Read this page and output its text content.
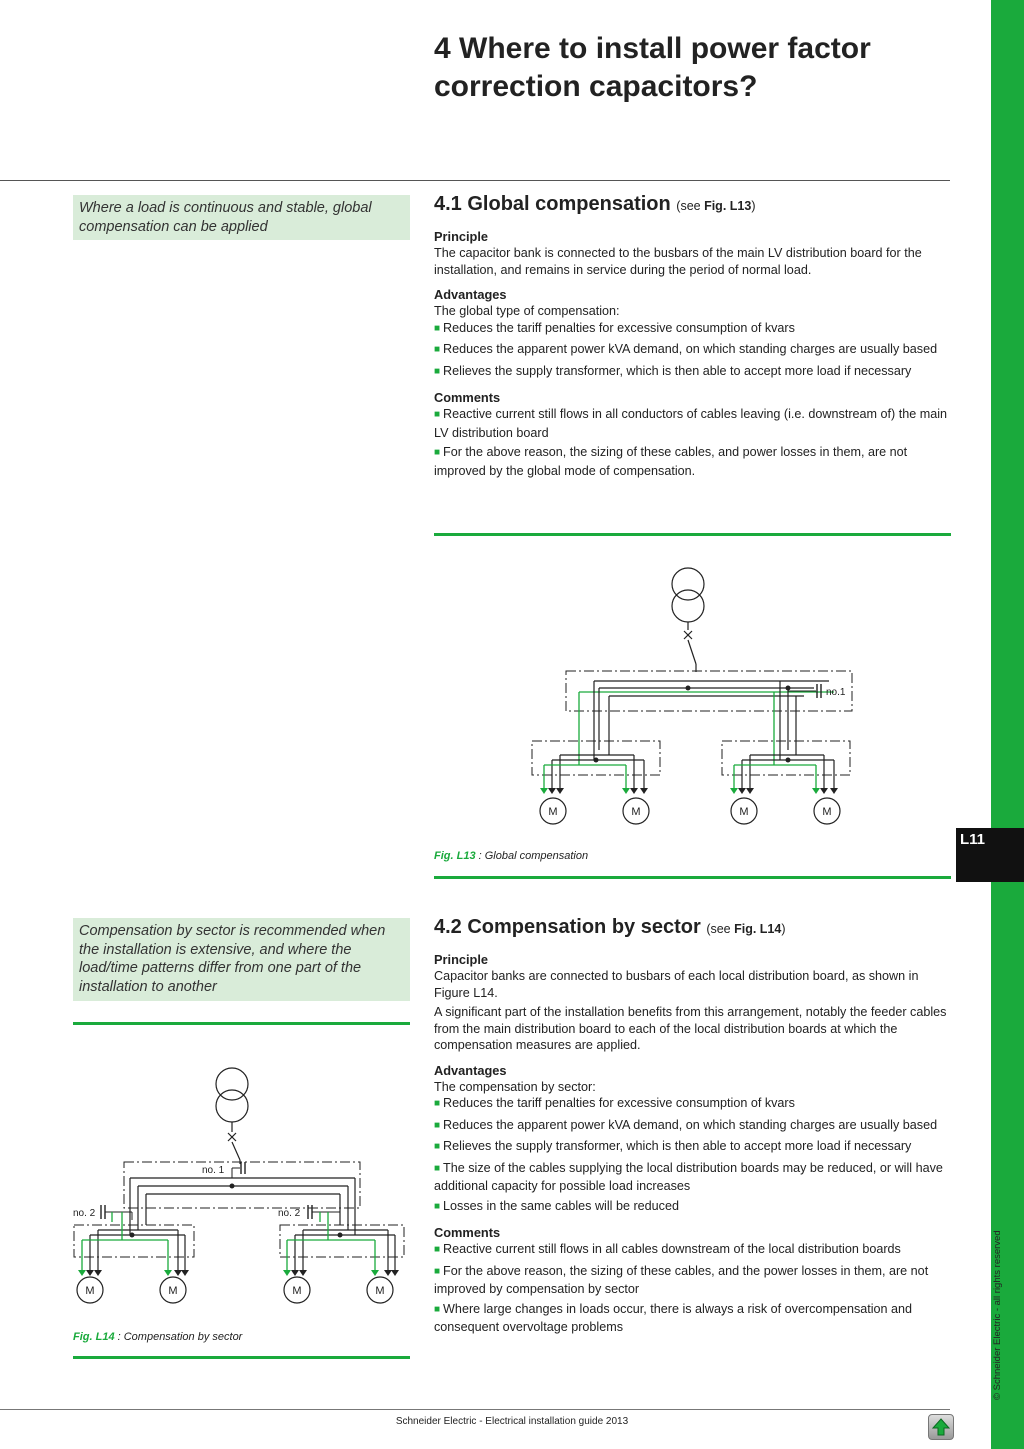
L11
© Schneider Electric - all rights reserved
4 Where to install power factor correction capacitors?
Where a load is continuous and stable, global compensation can be applied
4.1 Global compensation (see Fig. L13)
Principle

The capacitor bank is connected to the busbars of the main LV distribution board for the installation, and remains in service during the period of normal load.

Advantages

The global type of compensation:

■ Reduces the tariff penalties for excessive consumption of kvars

■ Reduces the apparent power kVA demand, on which standing charges are usually based

■ Relieves the supply transformer, which is then able to accept more load if necessary

Comments

■ Reactive current still flows in all conductors of cables leaving (i.e. downstream of) the main LV distribution board

■ For the above reason, the sizing of these cables, and power losses in them, are not improved by the global mode of compensation.

no.1
M	M	M	M
Fig. L13 : Global compensation
Compensation by sector is recommended when the installation is extensive, and where the load/time patterns differ from one part of the installation to another
no. 1
no. 2	no. 2
M	M	M	M
Fig. L14 : Compensation by sector
4.2 Compensation by sector (see Fig. L14)
Principle

Capacitor banks are connected to busbars of each local distribution board, as shown in Figure L14.

A significant part of the installation benefits from this arrangement, notably the feeder cables from the main distribution board to each of the local distribution boards at which the compensation measures are applied.

Advantages

The compensation by sector:

■ Reduces the tariff penalties for excessive consumption of kvars

■ Reduces the apparent power kVA demand, on which standing charges are usually based

■ Relieves the supply transformer, which is then able to accept more load if necessary

■ The size of the cables supplying the local distribution boards may be reduced, or will have additional capacity for possible load increases

■ Losses in the same cables will be reduced

Comments

■ Reactive current still flows in all cables downstream of the local distribution boards

■ For the above reason, the sizing of these cables, and the power losses in them, are not improved by compensation by sector

■ Where large changes in loads occur, there is always a risk of overcompensation and consequent overvoltage problems

Schneider Electric - Electrical installation guide 2013
